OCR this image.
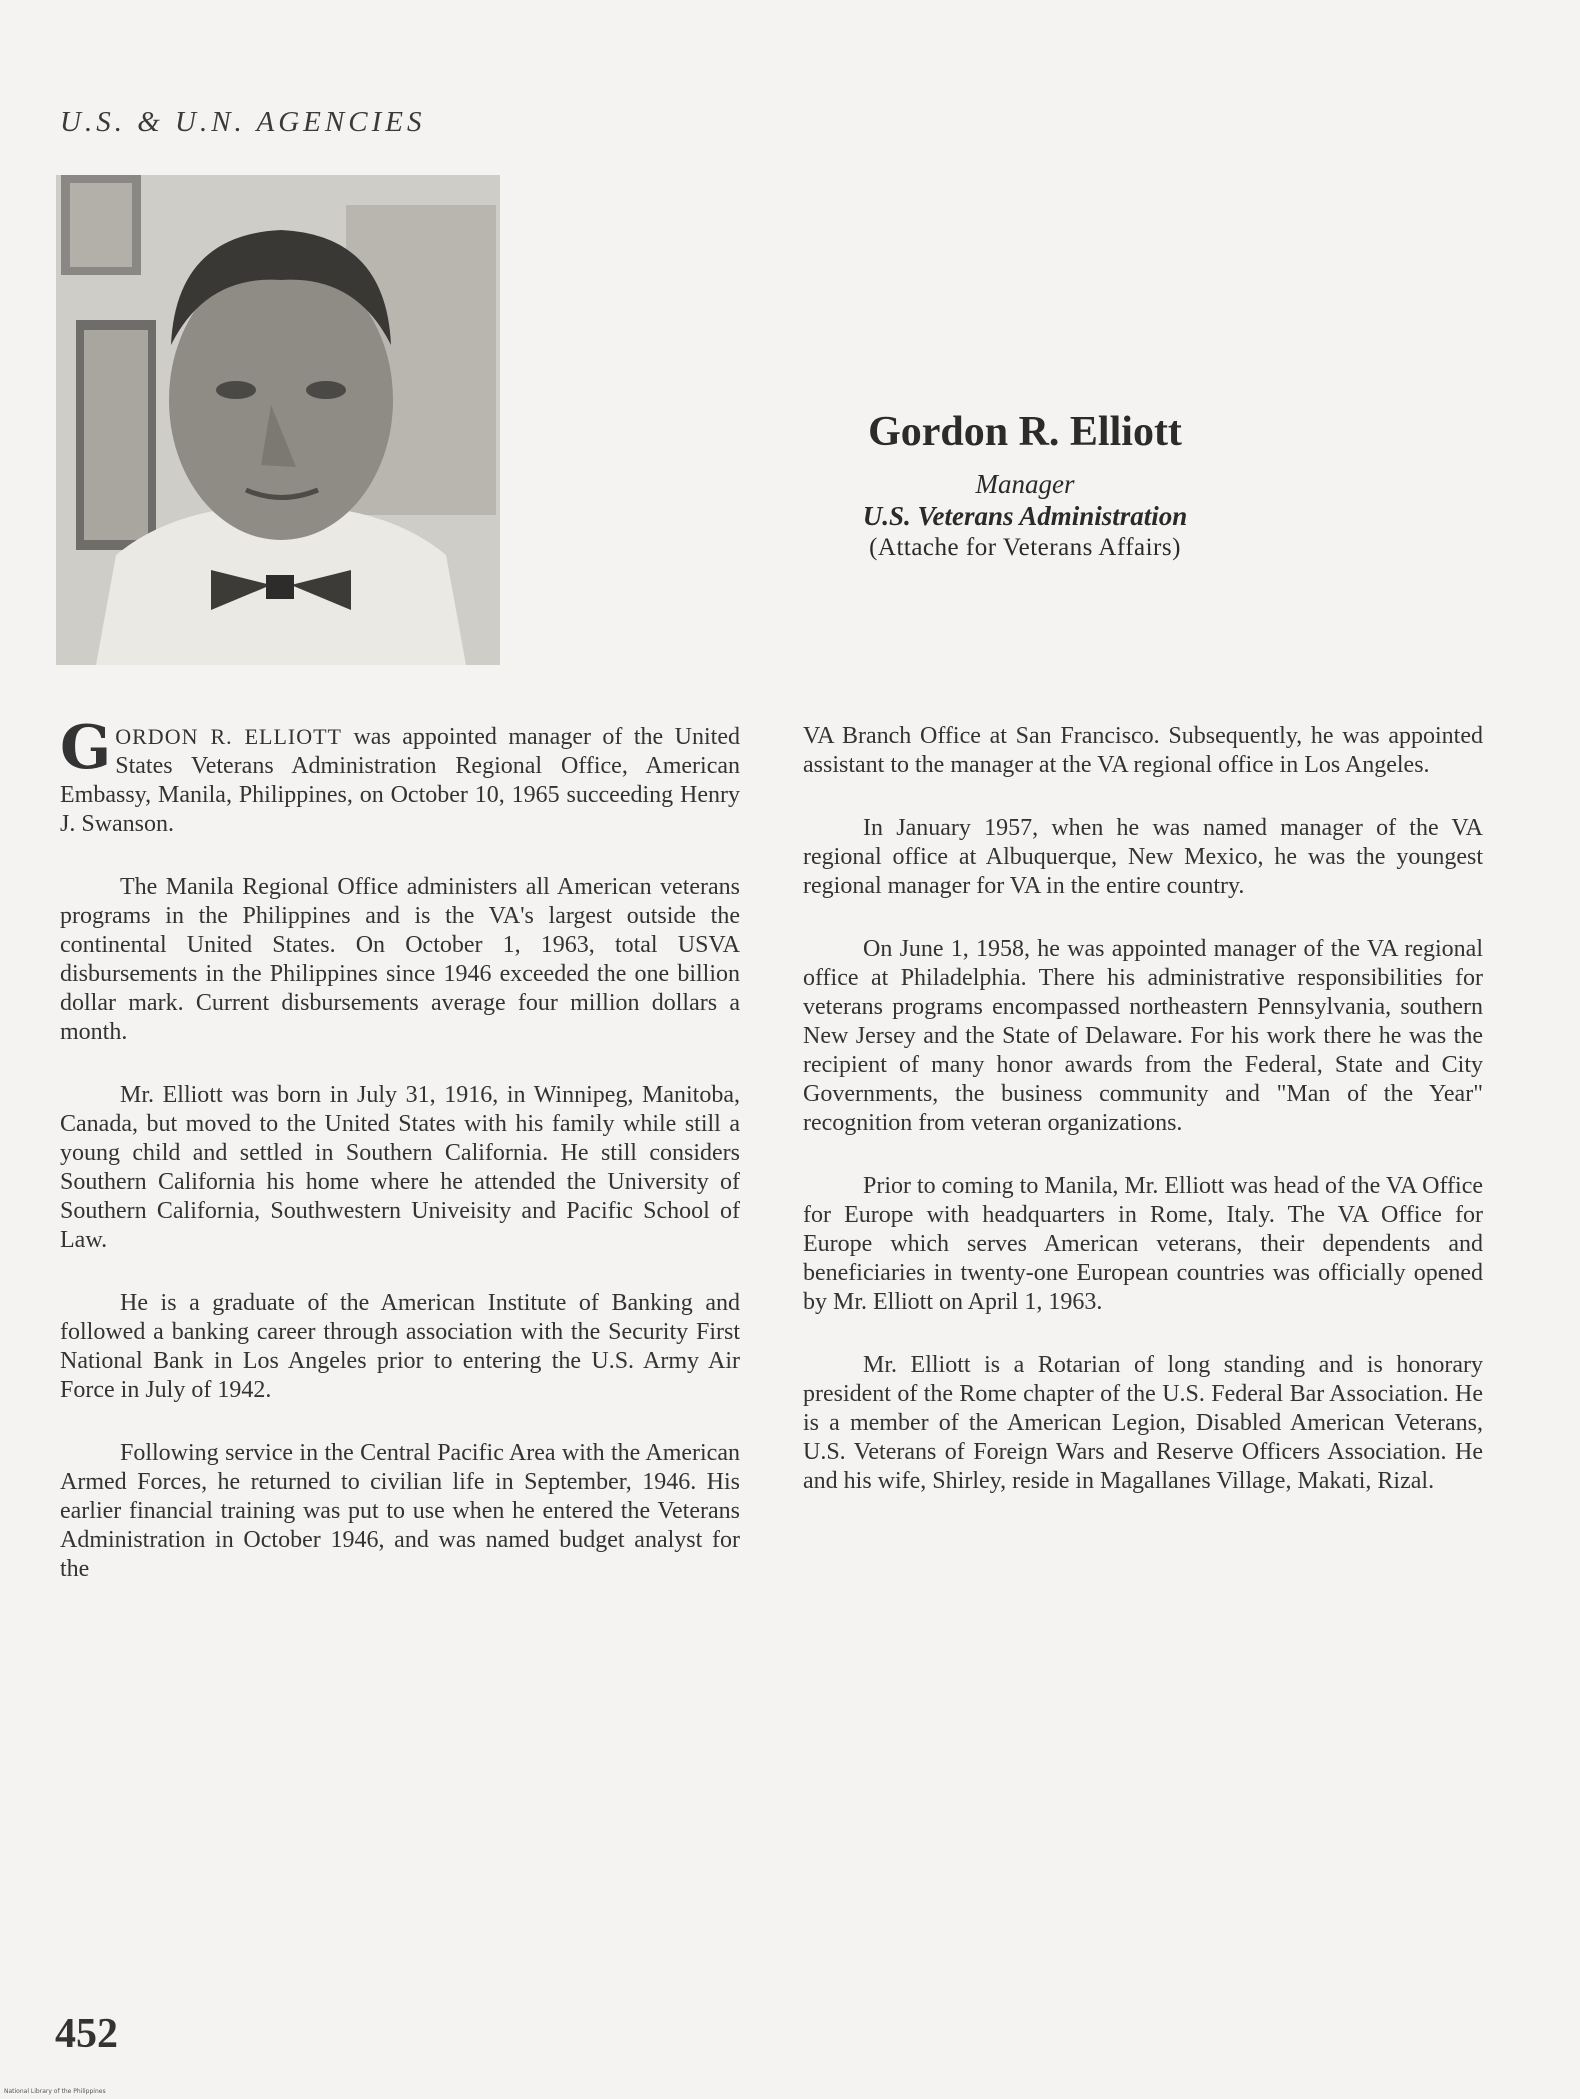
U.S. & U.N. AGENCIES
Gordon R. Elliott
Manager
U.S. Veterans Administration
(Attache for Veterans Affairs)

GORDON R. ELLIOTT was appointed manager of the United States Veterans Administration Regional Office, American Embassy, Manila, Philippines, on October 10, 1965 succeeding Henry J. Swanson.

The Manila Regional Office administers all American veterans programs in the Philippines and is the VA's largest outside the continental United States. On October 1, 1963, total USVA disbursements in the Philippines since 1946 exceeded the one billion dollar mark. Current disbursements average four million dollars a month.

Mr. Elliott was born in July 31, 1916, in Winnipeg, Manitoba, Canada, but moved to the United States with his family while still a young child and settled in Southern California. He still considers Southern California his home where he attended the University of Southern California, Southwestern Univeisity and Pacific School of Law.

He is a graduate of the American Institute of Banking and followed a banking career through association with the Security First National Bank in Los Angeles prior to entering the U.S. Army Air Force in July of 1942.

Following service in the Central Pacific Area with the American Armed Forces, he returned to civilian life in September, 1946. His earlier financial training was put to use when he entered the Veterans Administration in October 1946, and was named budget analyst for the

VA Branch Office at San Francisco. Subsequently, he was appointed assistant to the manager at the VA regional office in Los Angeles.

In January 1957, when he was named manager of the VA regional office at Albuquerque, New Mexico, he was the youngest regional manager for VA in the entire country.

On June 1, 1958, he was appointed manager of the VA regional office at Philadelphia. There his administrative responsibilities for veterans programs encompassed northeastern Pennsylvania, southern New Jersey and the State of Delaware. For his work there he was the recipient of many honor awards from the Federal, State and City Governments, the business community and "Man of the Year" recognition from veteran organizations.

Prior to coming to Manila, Mr. Elliott was head of the VA Office for Europe with headquarters in Rome, Italy. The VA Office for Europe which serves American veterans, their dependents and beneficiaries in twenty-one European countries was officially opened by Mr. Elliott on April 1, 1963.

Mr. Elliott is a Rotarian of long standing and is honorary president of the Rome chapter of the U.S. Federal Bar Association. He is a member of the American Legion, Disabled American Veterans, U.S. Veterans of Foreign Wars and Reserve Officers Association. He and his wife, Shirley, reside in Magallanes Village, Makati, Rizal.

452
National Library of the Philippines
